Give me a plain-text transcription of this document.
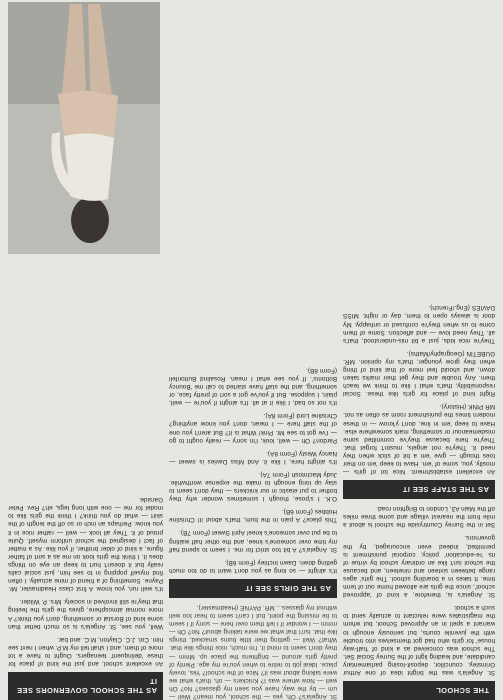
THE SCHOOL

St. Angela's was the bright idea of one Arthur Grimsley, councillor, deposit-losing parliamentary candidate, and leading light of the Surrey Social Set. The school was conceived as a kind of 'half-way house' for girls who had got themselves into trouble with the juvenile courts, but seriously enough to warrant a spell in an Approved School, but whom the magistrates were reluctant to actually send to such a school.

St. Angela's is, therefore, a kind of 'approved school', since the girls are allowed home out of term time. It takes in a boarding school. The girls' ages range between sixteen and nineteen, and because the school isn't like an ordinary school by virtue of its 're-education' policy, corporal punishment is permitted, indeed even encouraged, by the governors.

Set in the Surrey Countryside the school is about a mile from the nearest village and some three miles off the Main A3, London to Brighton road.

AS THE STAFF SEE IT

An excellent establishment. Nice lot of girls — mostly, you, some of 'em. Have to keep 'em on their toes though — give 'em a bit of stick when they need it. They're not angels, mustn't forget that. They're here because they've committed some misdemeanour or something, mark somewhere else. Have to keep 'em in line, don't y'know — in these modern times the punishment room as often as not. MR PINK (History).

Right kind of place for girls like these. Social responsibility, that's what I like to think we teach them. Any trouble and they get their marks taken down, and should feel more of that kind of thing when they grow younger, that's my opinion. MR. GUBETIN (Geography/Maths).

They're nice kids, just a bit mis-understood, that's all. They need love — and affection. Some of them come to us when they're confused or unhappy. My door is always open to them, day or night. MISS DAVIES (Eng./French).

St. Angela's? Oh, yes — the school, you mean? Well — um — by the way, have you seen my glasses? No? Oh well — Now where was I? Knickers — oh, that's what we were talking about was it? Nice of the school? Yes, lovely place. Ideal job to retire to when you're my age. Plenty of pretty girls around — brightens the place up. Mmm — they don't seem to mind it, I'm much, nice things like that. What? Well — getting their little bums smacked, things like that. Isn't that what we were talking about? No? Oh — mmm — I wonder if I left them over here — sorry if I seem to be missing the point, but I can't seem to hear too well without my glasses... MR. PAYNE (Headmaster).

AS THE GIRLS SEE IT

It's alright — so long as you don't want to do too much getting down. Dawn Inchley (Form 6B).

St. Angela's? A bit too strict for me. I seem to spend half my time over someone's knee, and the other half waiting to be put over someone's knee! April Sweet (Form 7B).

This place? A pain in the bum, that's about it! Christine Hobbes (Form 6B).

O.K. I s'pose, though I sometimes wonder why they bother to put elastic in our knickers — they don't seem to stay up long enough to make the expense worthwhile. Judy MacIntosh (Form 7A).

It's alright here, I like it. And Miss Davies is sweet — Nancy Westy (Form 8A).

Pardon? Oh — well, look, I'm sorry — really ought to go — I've got to see Mr. Pink! What is it? But aren't you one of the staff here — I mean, don't you know anything? Christine Lord (Form 8A).

It's not so bad, I like it at all. It's alright if you're — well, plain, I suppose. But if you've got a sort of pretty face, or something, and the staff have started to call me 'Bouncy Bottoms'. If you see what I mean. Rosalind Buttonfell (Form 8B).

AS THE SCHOOL GOVERNORS SEE IT

An excellent school, and just the kind of place for these 'delinquent' teenagers. Ought to have a lot more of them, and I shall tell my M.P. when I next see him. Col. J.C. Clayton, M.C. and bar.

Well, you see, St. Angela's is so much better than some kind of Borstal or something, don't you think? A more normal atmosphere, gives the girls the feeling that they're still involved in society. Mrs. P. Wilder.

It's well run, you know. A first class Headmaster, Mr. Payne. Something of a friend of mine actually. I often find myself popping in to see him, just social calls really but it doesn't hurt to keep an eye on things does it. I think the girls look on me as a sort of father figure, a kind of older brother, if you like. As a matter of fact I designed the school uniform myself. Quite proud of it. They all look — well — rather nice in it you know. Perhaps an inch or so off the length of the skirt — what do you think? I think the girls like to model for me — one with long legs, eh? Rev. Peter Garside.
